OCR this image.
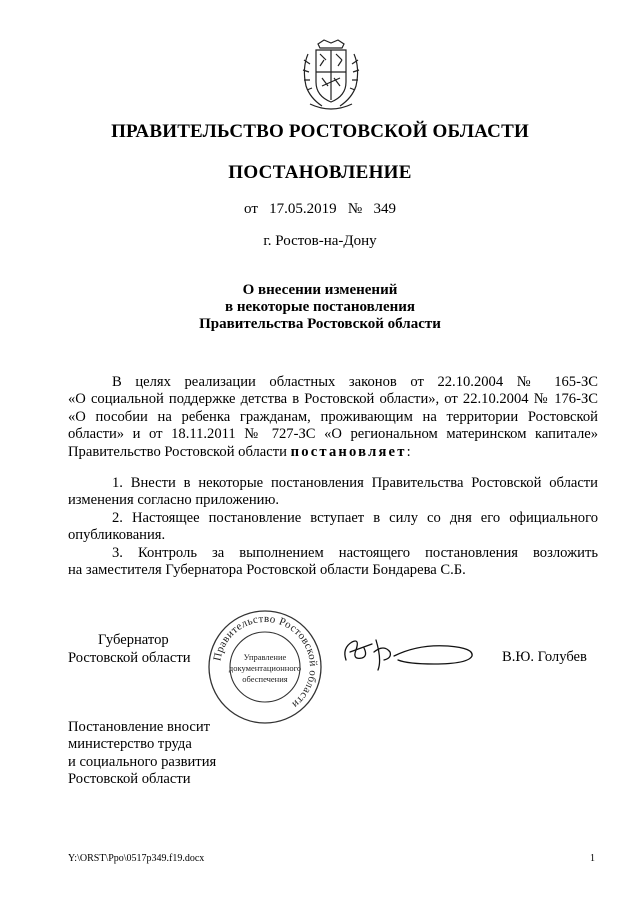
ПРАВИТЕЛЬСТВО РОСТОВСКОЙ ОБЛАСТИ
ПОСТАНОВЛЕНИЕ
от 17.05.2019 № 349
г. Ростов-на-Дону
О внесении изменений
в некоторые постановления
Правительства Ростовской области
В целях реализации областных законов от 22.10.2004 № 165-ЗС
«О социальной поддержке детства в Ростовской области», от 22.10.2004 № 176-ЗС
«О пособии на ребенка гражданам, проживающим на территории Ростовской
области» и от 18.11.2011 № 727-ЗС «О региональном материнском капитале»
Правительство Ростовской области постановляет:
1. Внести в некоторые постановления Правительства Ростовской области
изменения согласно приложению.
2. Настоящее постановление вступает в силу со дня его официального
опубликования.
3. Контроль за выполнением настоящего постановления возложить
на заместителя Губернатора Ростовской области Бондарева С.Б.
Губернатор
Ростовской области Правительство Ростовской области
Управление
документационного
обеспечения
В.Ю. Голубев
Постановление вносит
министерство труда
и социального развития
Ростовской области
Y:\ORST\Ppo\0517p349.f19.docx	1
